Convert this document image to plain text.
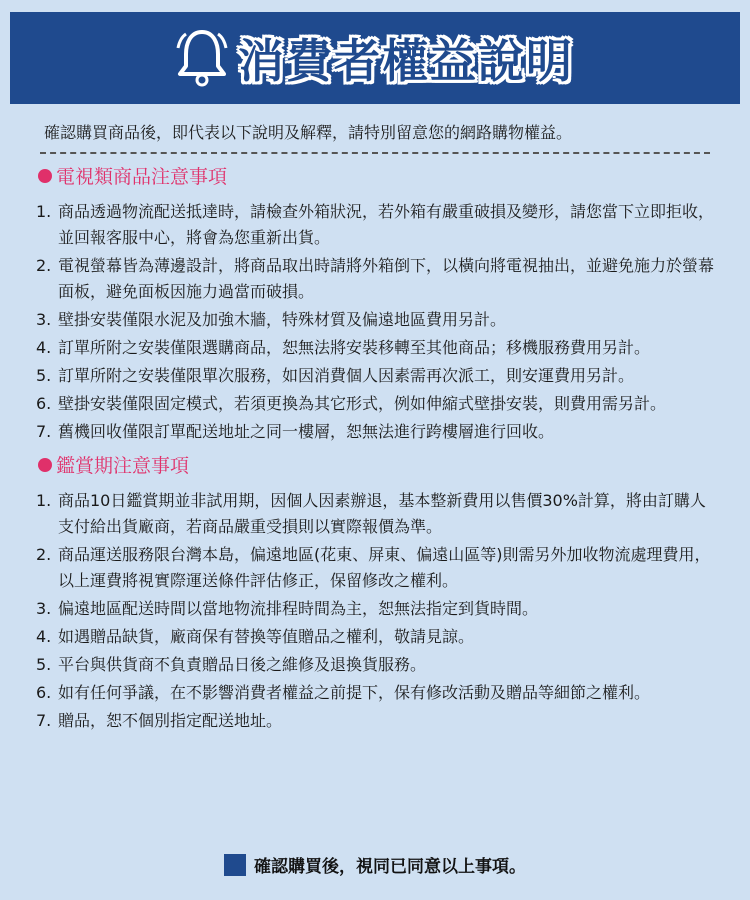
消費者權益說明

確認購買商品後，即代表以下說明及解釋，請特別留意您的網路購物權益。

電視類商品注意事項
1. 商品透過物流配送抵達時，請檢查外箱狀況，若外箱有嚴重破損及變形，請您當下立即拒收，並回報客服中心，將會為您重新出貨。
2. 電視螢幕皆為薄邊設計，將商品取出時請將外箱倒下，以橫向將電視抽出，並避免施力於螢幕面板，避免面板因施力過當而破損。
3. 壁掛安裝僅限水泥及加強木牆，特殊材質及偏遠地區費用另計。
4. 訂單所附之安裝僅限選購商品，恕無法將安裝移轉至其他商品；移機服務費用另計。
5. 訂單所附之安裝僅限單次服務，如因消費個人因素需再次派工，則安運費用另計。
6. 壁掛安裝僅限固定模式，若須更換為其它形式，例如伸縮式壁掛安裝，則費用需另計。
7. 舊機回收僅限訂單配送地址之同一樓層，恕無法進行跨樓層進行回收。
鑑賞期注意事項
1. 商品10日鑑賞期並非試用期，因個人因素辦退，基本整新費用以售價30%計算，將由訂購人支付給出貨廠商，若商品嚴重受損則以實際報價為準。
2. 商品運送服務限台灣本島，偏遠地區(花東、屏東、偏遠山區等)則需另外加收物流處理費用，以上運費將視實際運送條件評估修正，保留修改之權利。
3. 偏遠地區配送時間以當地物流排程時間為主，恕無法指定到貨時間。
4. 如遇贈品缺貨，廠商保有替換等值贈品之權利，敬請見諒。
5. 平台與供貨商不負責贈品日後之維修及退換貨服務。
6. 如有任何爭議，在不影響消費者權益之前提下，保有修改活動及贈品等細節之權利。
7. 贈品，恕不個別指定配送地址。
確認購買後，視同已同意以上事項。
